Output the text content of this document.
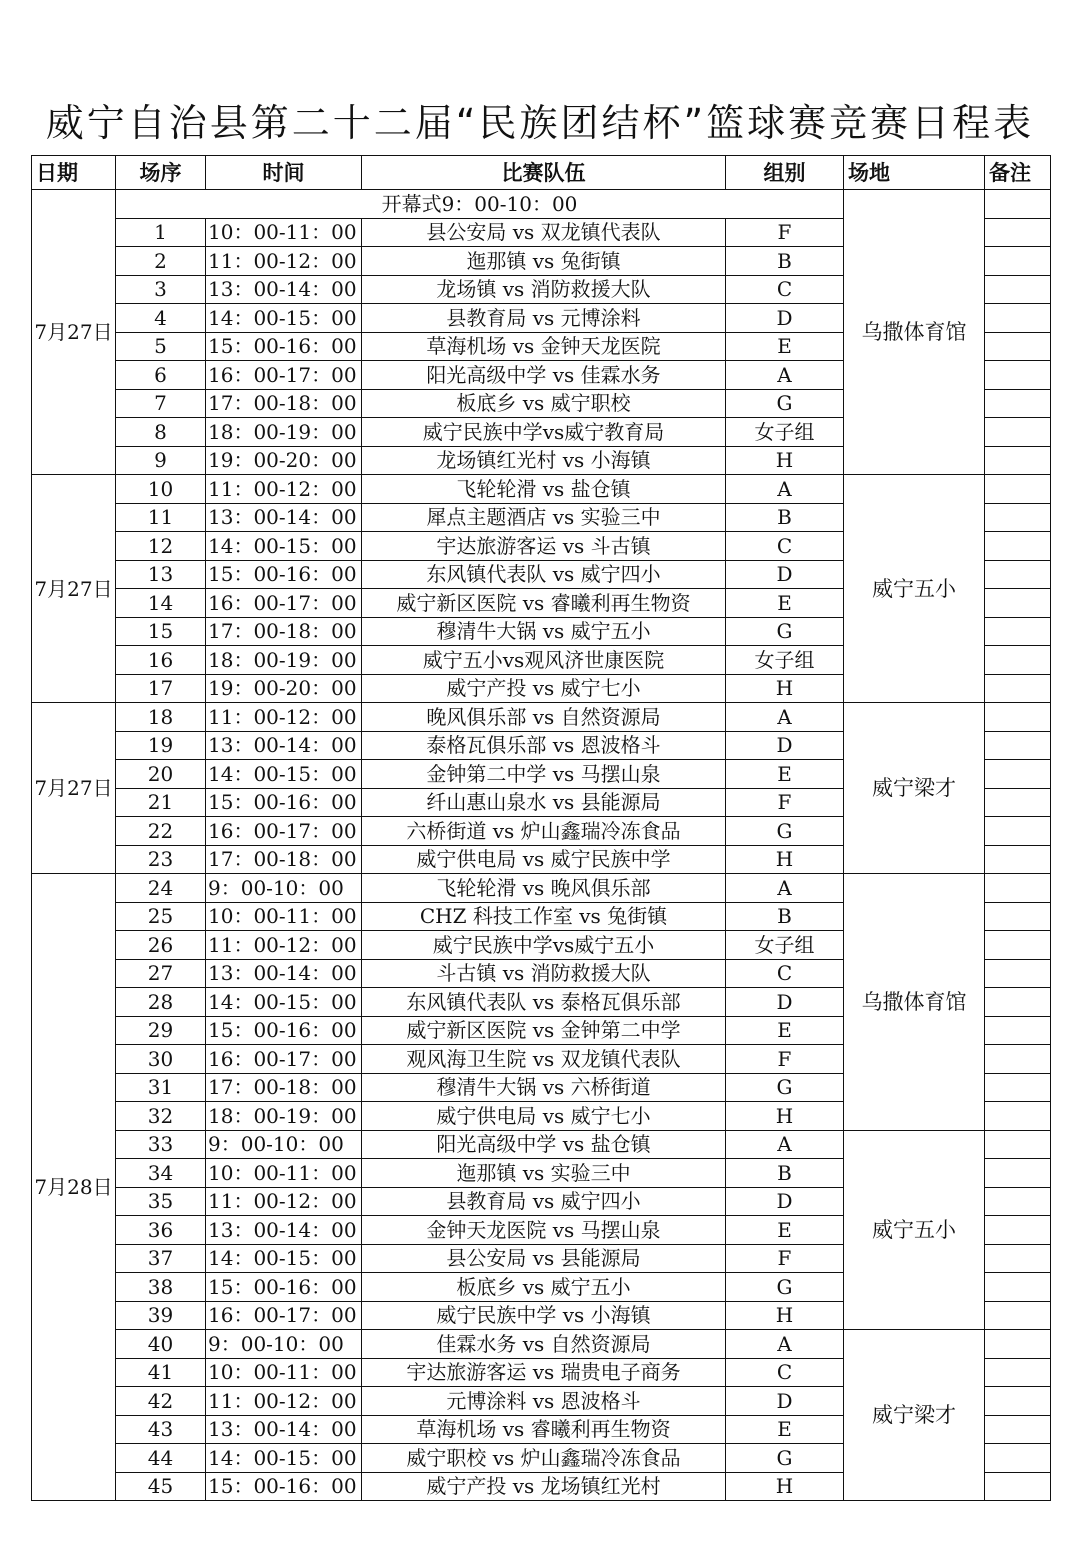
威宁自治县第二十二届“民族团结杯”篮球赛竞赛日程表
日期	场序	时间	比赛队伍	组别	场地	备注
7月27日	开幕式9：00-10：00				乌撒体育馆	
	1	10：00-11：00	县公安局 vs 双龙镇代表队	F		
	2	11：00-12：00	迤那镇 vs 兔街镇	B		
	3	13：00-14：00	龙场镇 vs 消防救援大队	C		
	4	14：00-15：00	县教育局 vs 元博涂料	D		
	5	15：00-16：00	草海机场 vs 金钟天龙医院	E		
	6	16：00-17：00	阳光高级中学 vs 佳霖水务	A		
	7	17：00-18：00	板底乡 vs 威宁职校	G		
	8	18：00-19：00	威宁民族中学vs威宁教育局	女子组		
	9	19：00-20：00	龙场镇红光村 vs 小海镇	H		
7月27日	10	11：00-12：00	飞轮轮滑 vs 盐仓镇	A	威宁五小	
	11	13：00-14：00	犀点主题酒店 vs 实验三中	B		
	12	14：00-15：00	宇达旅游客运 vs 斗古镇	C		
	13	15：00-16：00	东风镇代表队 vs 威宁四小	D		
	14	16：00-17：00	威宁新区医院 vs 睿曦利再生物资	E		
	15	17：00-18：00	穆清牛大锅 vs 威宁五小	G		
	16	18：00-19：00	威宁五小vs观风济世康医院	女子组		
	17	19：00-20：00	威宁产投 vs 威宁七小	H		
7月27日	18	11：00-12：00	晚风俱乐部 vs 自然资源局	A	威宁梁才	
	19	13：00-14：00	泰格瓦俱乐部 vs 恩波格斗	D		
	20	14：00-15：00	金钟第二中学 vs 马摆山泉	E		
	21	15：00-16：00	纤山惠山泉水 vs 县能源局	F		
	22	16：00-17：00	六桥街道 vs 炉山鑫瑞冷冻食品	G		
	23	17：00-18：00	威宁供电局 vs 威宁民族中学	H		
7月28日	24	9：00-10：00	飞轮轮滑 vs 晚风俱乐部	A	乌撒体育馆	
	25	10：00-11：00	CHZ 科技工作室 vs 兔街镇	B		
	26	11：00-12：00	威宁民族中学vs威宁五小	女子组		
	27	13：00-14：00	斗古镇 vs 消防救援大队	C		
	28	14：00-15：00	东风镇代表队 vs 泰格瓦俱乐部	D		
	29	15：00-16：00	威宁新区医院 vs 金钟第二中学	E		
	30	16：00-17：00	观风海卫生院 vs 双龙镇代表队	F		
	31	17：00-18：00	穆清牛大锅 vs 六桥街道	G		
	32	18：00-19：00	威宁供电局 vs 威宁七小	H		
	33	9：00-10：00	阳光高级中学 vs 盐仓镇	A	威宁五小	
	34	10：00-11：00	迤那镇 vs 实验三中	B		
	35	11：00-12：00	县教育局 vs 威宁四小	D		
	36	13：00-14：00	金钟天龙医院 vs 马摆山泉	E		
	37	14：00-15：00	县公安局 vs 县能源局	F		
	38	15：00-16：00	板底乡 vs 威宁五小	G		
	39	16：00-17：00	威宁民族中学 vs 小海镇	H		
	40	9：00-10：00	佳霖水务 vs 自然资源局	A	威宁梁才	
	41	10：00-11：00	宇达旅游客运 vs 瑞贵电子商务	C		
	42	11：00-12：00	元博涂料 vs 恩波格斗	D		
	43	13：00-14：00	草海机场 vs 睿曦利再生物资	E		
	44	14：00-15：00	威宁职校 vs 炉山鑫瑞冷冻食品	G		
	45	15：00-16：00	威宁产投 vs 龙场镇红光村	H		
